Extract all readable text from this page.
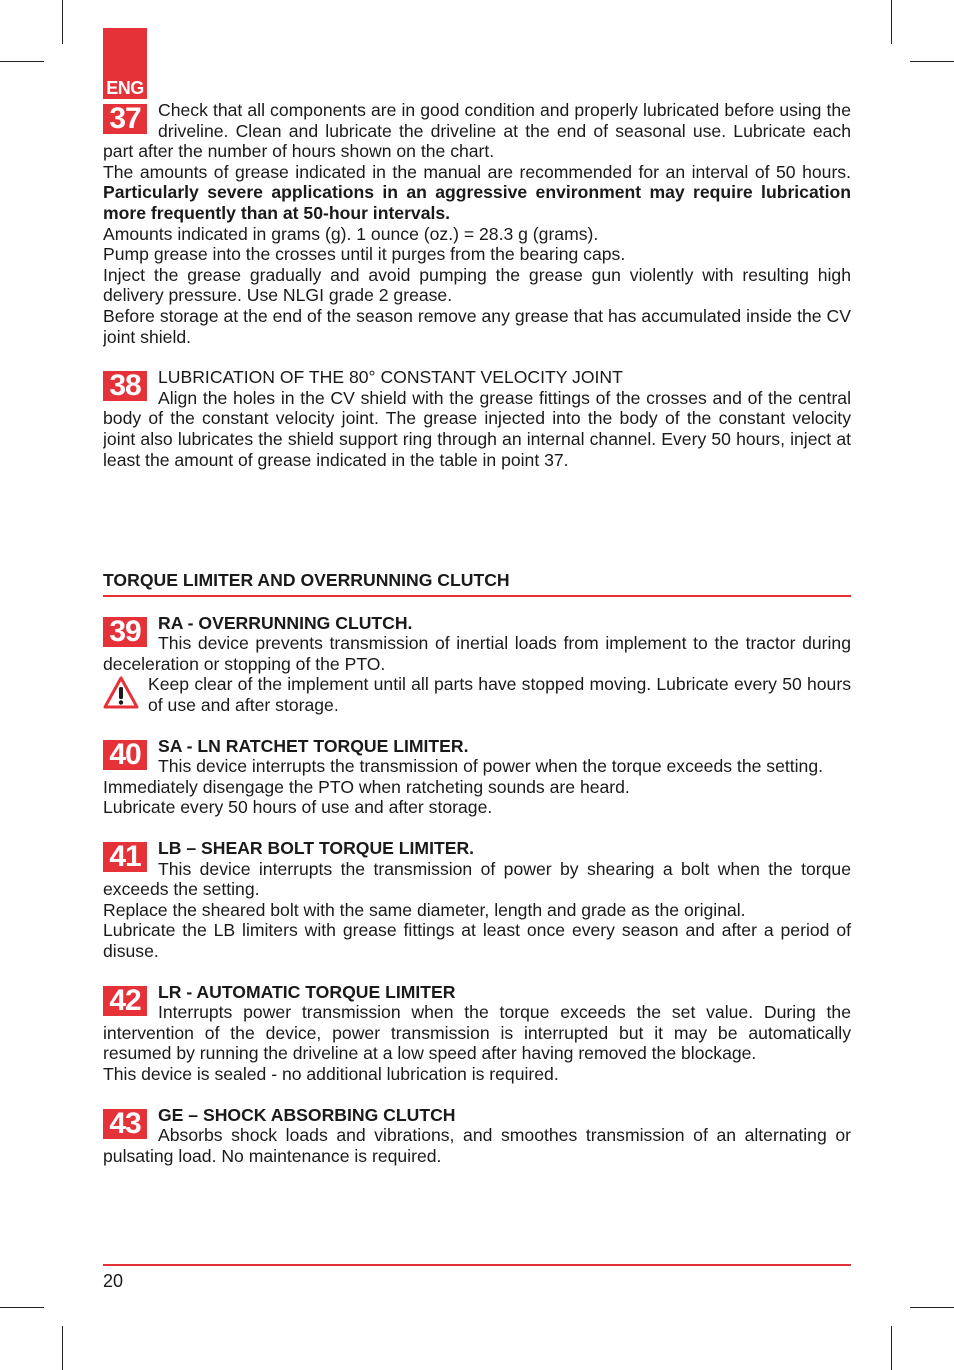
ENG
37 Check that all components are in good condition and properly lubricated before using the driveline. Clean and lubricate the driveline at the end of seasonal use. Lubricate each part after the number of hours shown on the chart.

The amounts of grease indicated in the manual are recommended for an interval of 50 hours. Particularly severe applications in an aggressive environment may require lubrication more frequently than at 50-hour intervals.

Amounts indicated in grams (g). 1 ounce (oz.) = 28.3 g (grams).

Pump grease into the crosses until it purges from the bearing caps.

Inject the grease gradually and avoid pumping the grease gun violently with resulting high delivery pressure. Use NLGI grade 2 grease.

Before storage at the end of the season remove any grease that has accumulated inside the CV joint shield.

38 LUBRICATION OF THE 80° CONSTANT VELOCITY JOINT

Align the holes in the CV shield with the grease fittings of the crosses and of the central body of the constant velocity joint. The grease injected into the body of the constant velocity joint also lubricates the shield support ring through an internal channel. Every 50 hours, inject at least the amount of grease indicated in the table in point 37.

TORQUE LIMITER AND OVERRUNNING CLUTCH
39 RA - OVERRUNNING CLUTCH.

This device prevents transmission of inertial loads from implement to the tractor during deceleration or stopping of the PTO.

Keep clear of the implement until all parts have stopped moving. Lubricate every 50 hours of use and after storage.

40 SA - LN RATCHET TORQUE LIMITER.

This device interrupts the transmission of power when the torque exceeds the setting.

Immediately disengage the PTO when ratcheting sounds are heard.

Lubricate every 50 hours of use and after storage.

41 LB – SHEAR BOLT TORQUE LIMITER.

This device interrupts the transmission of power by shearing a bolt when the torque exceeds the setting.

Replace the sheared bolt with the same diameter, length and grade as the original.

Lubricate the LB limiters with grease fittings at least once every season and after a period of disuse.

42 LR - AUTOMATIC TORQUE LIMITER

Interrupts power transmission when the torque exceeds the set value. During the intervention of the device, power transmission is interrupted but it may be automatically resumed by running the driveline at a low speed after having removed the blockage.

This device is sealed - no additional lubrication is required.

43 GE – SHOCK ABSORBING CLUTCH

Absorbs shock loads and vibrations, and smoothes transmission of an alternating or pulsating load. No maintenance is required.

20
